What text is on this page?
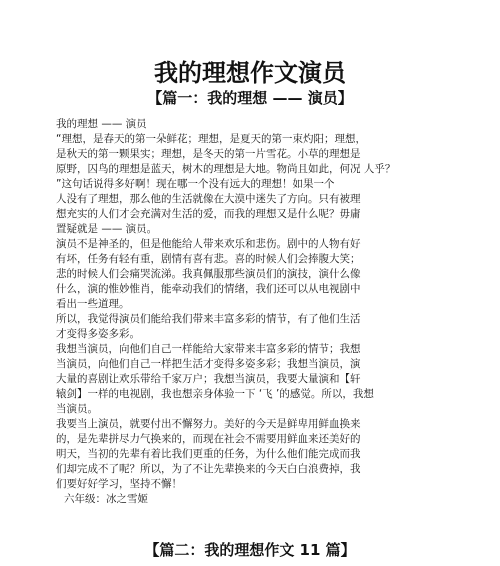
我的理想作文演员
【篇一：我的理想 —— 演员】
我的理想 —— 演员
“理想，是春天的第一朵鲜花；理想，是夏天的第一束灼阳；理想，
是秋天的第一颗果实；理想，是冬天的第一片雪花。小草的理想是
原野，囚鸟的理想是蓝天，树木的理想是大地。物尚且如此，何况 人乎？
”这句话说得多好啊！现在哪一个没有远大的理想！如果一个
人没有了理想，那么他的生活就像在大漠中迷失了方向。只有被理
想充实的人们才会充满对生活的爱，而我的理想又是什么呢？毋庸
置疑就是 —— 演员。
演员不是神圣的，但是他能给人带来欢乐和悲伤。剧中的人物有好
有坏，任务有轻有重，剧情有喜有悲。喜的时候人们会捧腹大笑；
悲的时候人们会痛哭流涕。我真佩服那些演员们的演技，演什么像
什么，演的惟妙惟肖，能牵动我们的情绪，我们还可以从电视剧中
看出一些道理。
所以，我觉得演员们能给我们带来丰富多彩的情节，有了他们生活
才变得多姿多彩。
我想当演员，向他们自己一样能给大家带来丰富多彩的情节；我想
当演员，向他们自己一样把生活才变得多姿多彩；我想当演员，演
大量的喜剧让欢乐带给千家万户；我想当演员，我要大量演和【轩
辕剑】一样的电视剧，我也想亲身体验一下 ‘飞 ’的感觉。所以，我想
当演员。
我要当上演员，就要付出不懈努力。美好的今天是鲜卑用鲜血换来
的，是先辈拼尽力气换来的，而现在社会不需要用鲜血来还美好的
明天，当初的先辈有着比我们更重的任务，为什么他们能完成而我
们却完成不了呢？所以，为了不让先辈换来的今天白白浪费掉，我
们要好好学习，坚持不懈！
六年级：冰之雪姬
【篇二：我的理想作文 11 篇】
